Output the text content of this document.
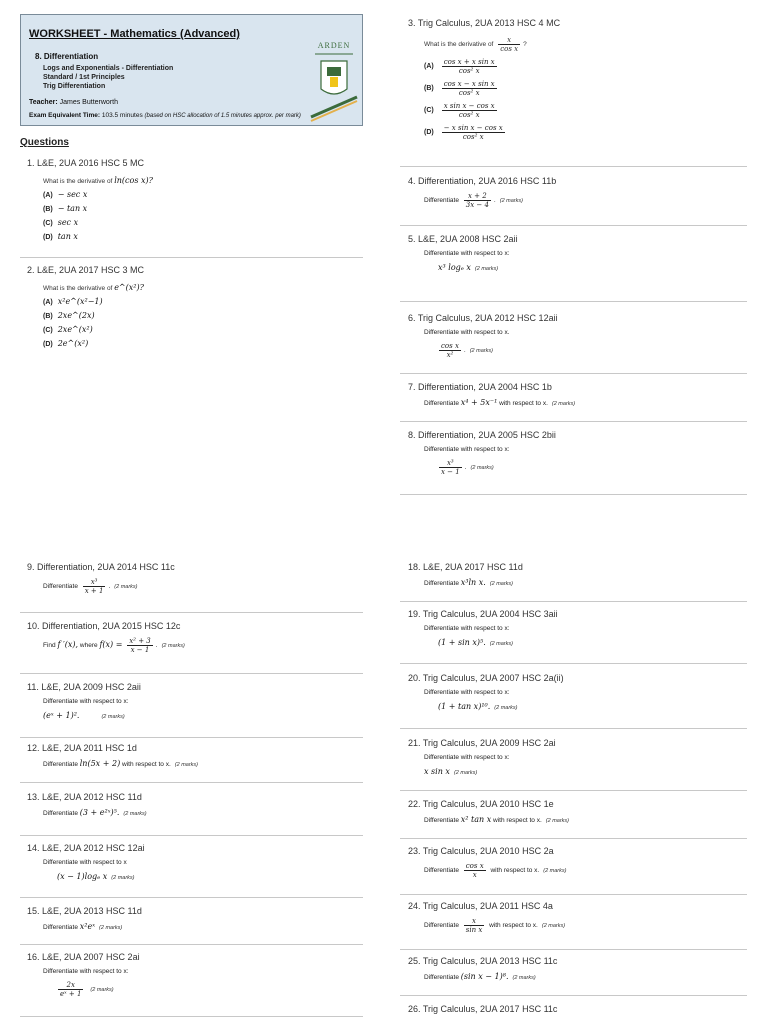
WORKSHEET - Mathematics (Advanced)
8. Differentiation
Logs and Exponentials - Differentiation
Standard / 1st Principles
Trig Differentiation
Teacher: James Butterworth
Exam Equivalent Time: 103.5 minutes (based on HSC allocation of 1.5 minutes approx. per mark)
ARDEN
Questions
1. L&E, 2UA 2016 HSC 5 MC
What is the derivative of ln(cos x)?
(A) − sec x
(B) − tan x
(C) sec x
(D) tan x
2. L&E, 2UA 2017 HSC 3 MC
What is the derivative of e^(x²)?
(A) x²e^(x²−1)
(B) 2xe^(2x)
(C) 2xe^(x²)
(D) 2e^(x²)
3. Trig Calculus, 2UA 2013 HSC 4 MC
What is the derivative of $\frac{x}{\text{cos x}}$ ?
$(A) \frac{\text{cos x + x sin x}}{\text{cos² x}}$
$(B) \frac{\text{cos x − x sin x}}{\text{cos² x}}$
$(C) \frac{\text{x sin x − cos x}}{\text{cos² x}}$
$(D) \frac{\text{− x sin x − cos x}}{\text{cos² x}}$
4. Differentiation, 2UA 2016 HSC 11b
Differentiate $\frac{x + 2}{3x - 4}$ . (2 marks)
5. L&E, 2UA 2008 HSC 2aii
Differentiate with respect to x:
x³ logₑ x (2 marks)
6. Trig Calculus, 2UA 2012 HSC 12aii
Differentiate with respect to x.
$\frac{\text{cos x}}{\text{x²}}$ . (2 marks)
7. Differentiation, 2UA 2004 HSC 1b
Differentiate x⁴ + 5x⁻¹ with respect to x. (2 marks)
8. Differentiation, 2UA 2005 HSC 2bii
Differentiate with respect to x:
$\frac{\text{x³}}{x - 1}$ . (2 marks)
9. Differentiation, 2UA 2014 HSC 11c
Differentiate $\frac{\text{x³}}{x + 1}$ . (2 marks)
10. Differentiation, 2UA 2015 HSC 12c
Find f ′(x), where $f(x) = \frac{\text{x² + 3}}{x - 1}$ . (2 marks)
11. L&E, 2UA 2009 HSC 2aii
Differentiate with respect to x:
(eˣ + 1)².	(2 marks)
12. L&E, 2UA 2011 HSC 1d
Differentiate ln(5x + 2) with respect to x. (2 marks)
13. L&E, 2UA 2012 HSC 11d
Differentiate (3 + e²ˣ)⁵. (2 marks)
14. L&E, 2UA 2012 HSC 12ai
Differentiate with respect to x
(x − 1)logₑ x (2 marks)
15. L&E, 2UA 2013 HSC 11d
Differentiate x²eˣ (2 marks)
16. L&E, 2UA 2007 HSC 2ai
Differentiate with respect to x:
$\frac{2x}{\text{eˣ + 1}} (2$ marks)
18. L&E, 2UA 2017 HSC 11d
Differentiate x³ln x. (2 marks)
19. Trig Calculus, 2UA 2004 HSC 3aii
Differentiate with respect to x:
(1 + sin x)⁵. (2 marks)
20. Trig Calculus, 2UA 2007 HSC 2a(ii)
Differentiate with respect to x:
(1 + tan x)¹⁰. (2 marks)
21. Trig Calculus, 2UA 2009 HSC 2ai
Differentiate with respect to x:
x sin x (2 marks)
22. Trig Calculus, 2UA 2010 HSC 1e
Differentiate x² tan x with respect to x. (2 marks)
23. Trig Calculus, 2UA 2010 HSC 2a
Differentiate $\frac{\text{cos x}}{x}$ with respect to x. (2 marks)
24. Trig Calculus, 2UA 2011 HSC 4a
Differentiate $\frac{x}{\text{sin x}}$ with respect to x. (2 marks)
25. Trig Calculus, 2UA 2013 HSC 11c
Differentiate (sin x − 1)⁸. (2 marks)
26. Trig Calculus, 2UA 2017 HSC 11c
